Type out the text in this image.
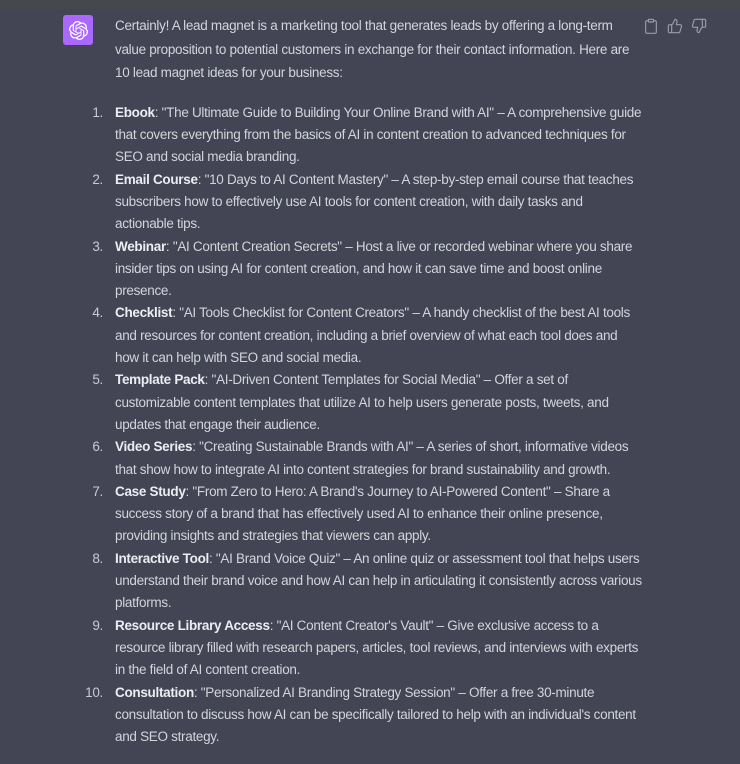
Certainly! A lead magnet is a marketing tool that generates leads by offering a long-term value proposition to potential customers in exchange for their contact information. Here are 10 lead magnet ideas for your business:

1. Ebook: "The Ultimate Guide to Building Your Online Brand with AI" – A comprehensive guide that covers everything from the basics of AI in content creation to advanced techniques for SEO and social media branding.
2. Email Course: "10 Days to AI Content Mastery" – A step-by-step email course that teaches subscribers how to effectively use AI tools for content creation, with daily tasks and actionable tips.
3. Webinar: "AI Content Creation Secrets" – Host a live or recorded webinar where you share insider tips on using AI for content creation, and how it can save time and boost online presence.
4. Checklist: "AI Tools Checklist for Content Creators" – A handy checklist of the best AI tools and resources for content creation, including a brief overview of what each tool does and how it can help with SEO and social media.
5. Template Pack: "AI-Driven Content Templates for Social Media" – Offer a set of customizable content templates that utilize AI to help users generate posts, tweets, and updates that engage their audience.
6. Video Series: "Creating Sustainable Brands with AI" – A series of short, informative videos that show how to integrate AI into content strategies for brand sustainability and growth.
7. Case Study: "From Zero to Hero: A Brand's Journey to AI-Powered Content" – Share a success story of a brand that has effectively used AI to enhance their online presence, providing insights and strategies that viewers can apply.
8. Interactive Tool: "AI Brand Voice Quiz" – An online quiz or assessment tool that helps users understand their brand voice and how AI can help in articulating it consistently across various platforms.
9. Resource Library Access: "AI Content Creator's Vault" – Give exclusive access to a resource library filled with research papers, articles, tool reviews, and interviews with experts in the field of AI content creation.
10. Consultation: "Personalized AI Branding Strategy Session" – Offer a free 30-minute consultation to discuss how AI can be specifically tailored to help with an individual's content and SEO strategy.
